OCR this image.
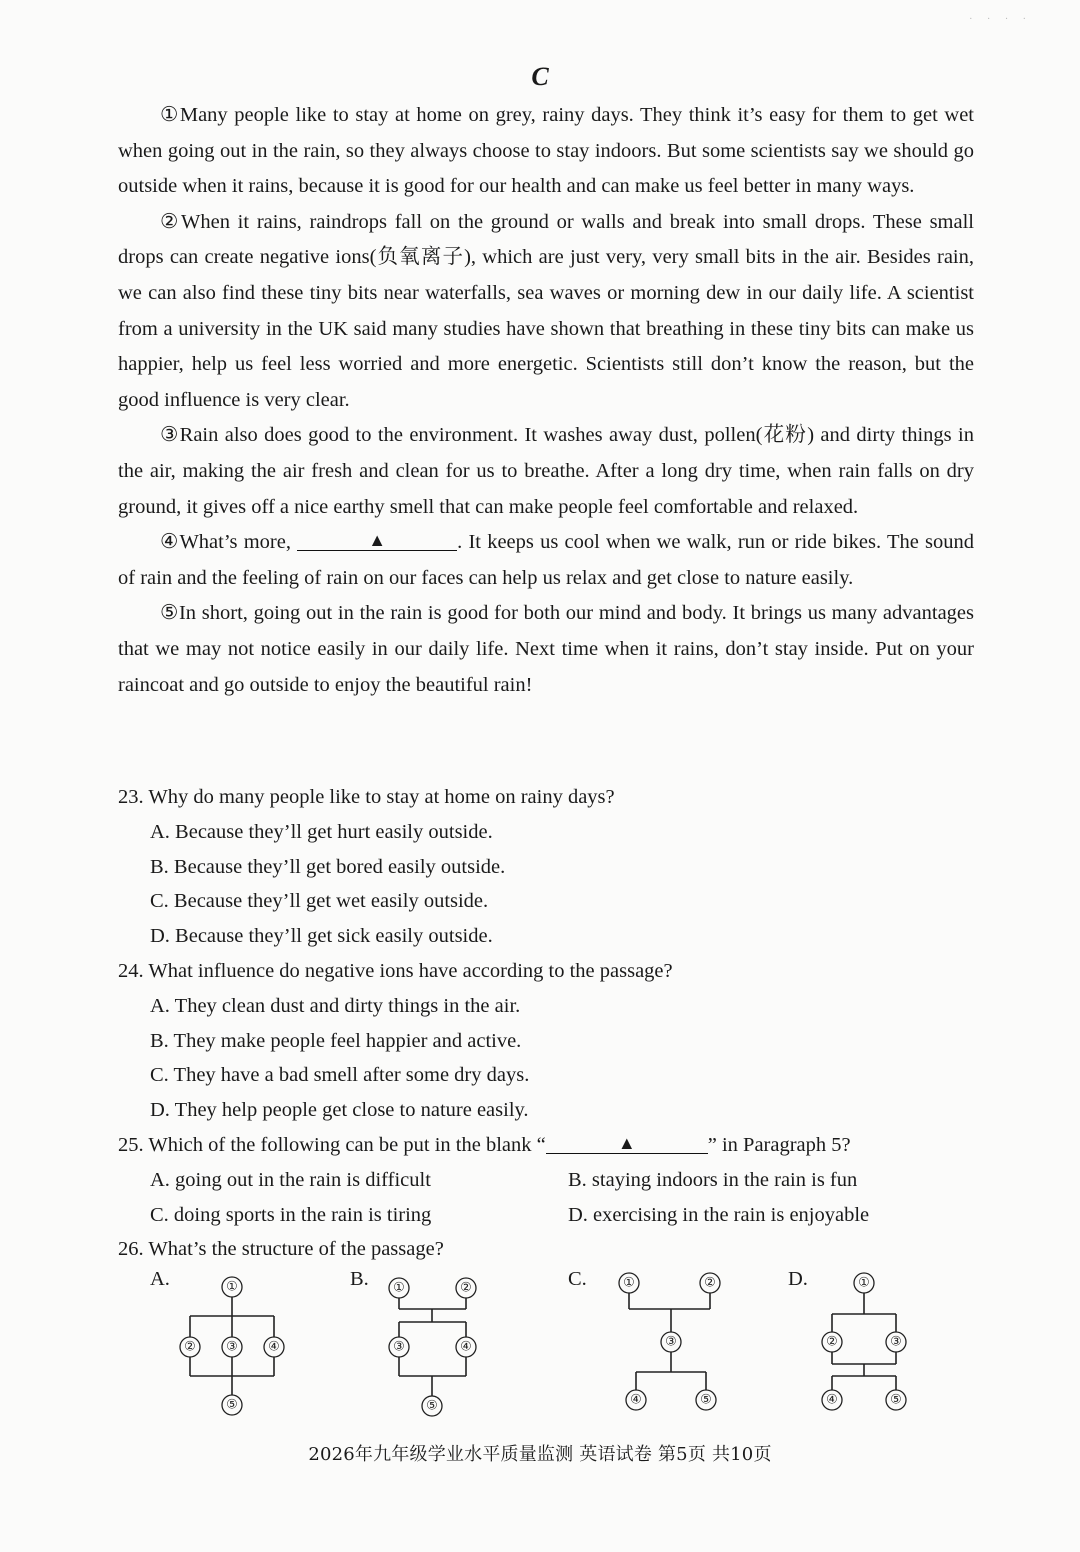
· · · ·
C

①Many people like to stay at home on grey, rainy days. They think it’s easy for them to get wet when going out in the rain, so they always choose to stay indoors. But some scientists say we should go outside when it rains, because it is good for our health and can make us feel better in many ways.

②When it rains, raindrops fall on the ground or walls and break into small drops. These small drops can create negative ions(负氧离子), which are just very, very small bits in the air. Besides rain, we can also find these tiny bits near waterfalls, sea waves or morning dew in our daily life. A scientist from a university in the UK said many studies have shown that breathing in these tiny bits can make us happier, help us feel less worried and more energetic. Scientists still don’t know the reason, but the good influence is very clear.

③Rain also does good to the environment. It washes away dust, pollen(花粉) and dirty things in the air, making the air fresh and clean for us to breathe. After a long dry time, when rain falls on dry ground, it gives off a nice earthy smell that can make people feel comfortable and relaxed.

④What’s more,	▲	. It keeps us cool when we walk, run or ride bikes. The sound of rain and the feeling of rain on our faces can help us relax and get close to nature easily.

⑤In short, going out in the rain is good for both our mind and body. It brings us many advantages that we may not notice easily in our daily life. Next time when it rains, don’t stay inside. Put on your raincoat and go outside to enjoy the beautiful rain!

23. Why do many people like to stay at home on rainy days?

A. Because they’ll get hurt easily outside.

B. Because they’ll get bored easily outside.

C. Because they’ll get wet easily outside.

D. Because they’ll get sick easily outside.

24. What influence do negative ions have according to the passage?

A. They clean dust and dirty things in the air.

B. They make people feel happier and active.

C. They have a bad smell after some dry days.

D. They help people get close to nature easily.

25. Which of the following can be put in the blank “	▲	” in Paragraph 5?

A. going out in the rain is difficult	B. staying indoors in the rain is fun
C. doing sports in the rain is tiring	D. exercising in the rain is enjoyable

26. What’s the structure of the passage?

A.	B.	C.	D.
①
② ③ ④
⑤
①	②
③	④
⑤
①	②
③
④	⑤
①
②	③
④	⑤
2026年九年级学业水平质量监测 英语试卷 第5页 共10页
